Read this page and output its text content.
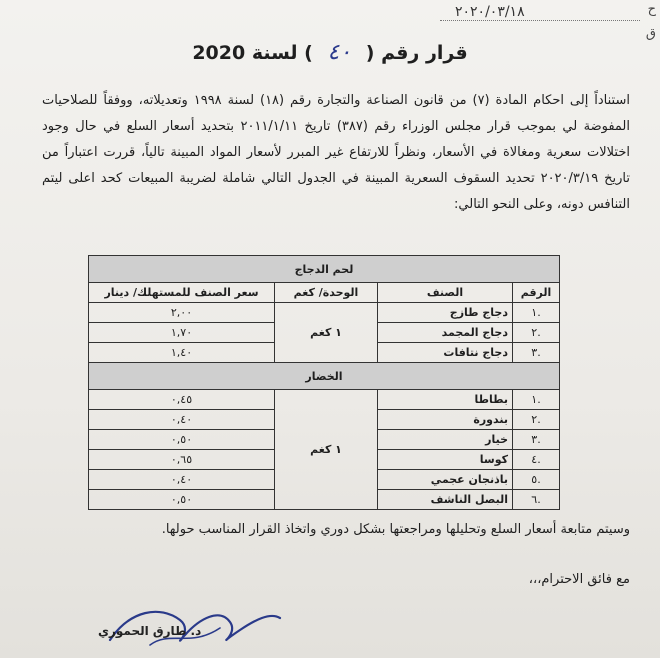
٢٠٢٠/٠٣/١٨	ح
ق
قرار رقم ( ٤٠ ) لسنة 2020
استناداً إلى احكام المادة (٧) من قانون الصناعة والتجارة رقم (١٨) لسنة ١٩٩٨ وتعديلاته، ووفقاً للصلاحيات المفوضة لي بموجب قرار مجلس الوزراء رقم (٣٨٧) تاريخ ٢٠١١/١/١١ بتحديد أسعار السلع في حال وجود اختلالات سعرية ومغالاة في الأسعار، ونظراً للارتفاع غير المبرر لأسعار المواد المبينة تالياً، قررت اعتباراً من تاريخ ٢٠٢٠/٣/١٩ تحديد السقوف السعرية المبينة في الجدول التالي شاملة لضريبة المبيعات كحد اعلى ليتم التنافس دونه، وعلى النحو التالي:
لحم الدجاج			
الرقم	الصنف	الوحدة/ كغم	سعر الصنف للمستهلك/ دينار
.١	دجاج طازج	١ كغم	٢,٠٠
.٢	دجاج المجمد		١,٧٠
.٣	دجاج نتافات		١,٤٠
الخضار			
.١	بطاطا	١ كغم	٠,٤٥
.٢	بندورة		٠,٤٠
.٣	خيار		٠,٥٠
.٤	كوسا		٠,٦٥
.٥	باذنجان عجمي		٠,٤٠
.٦	البصل الناشف		٠,٥٠
وسيتم متابعة أسعار السلع وتحليلها ومراجعتها بشكل دوري واتخاذ القرار المناسب حولها.
مع فائق الاحترام،،،
د. طارق الحموري
